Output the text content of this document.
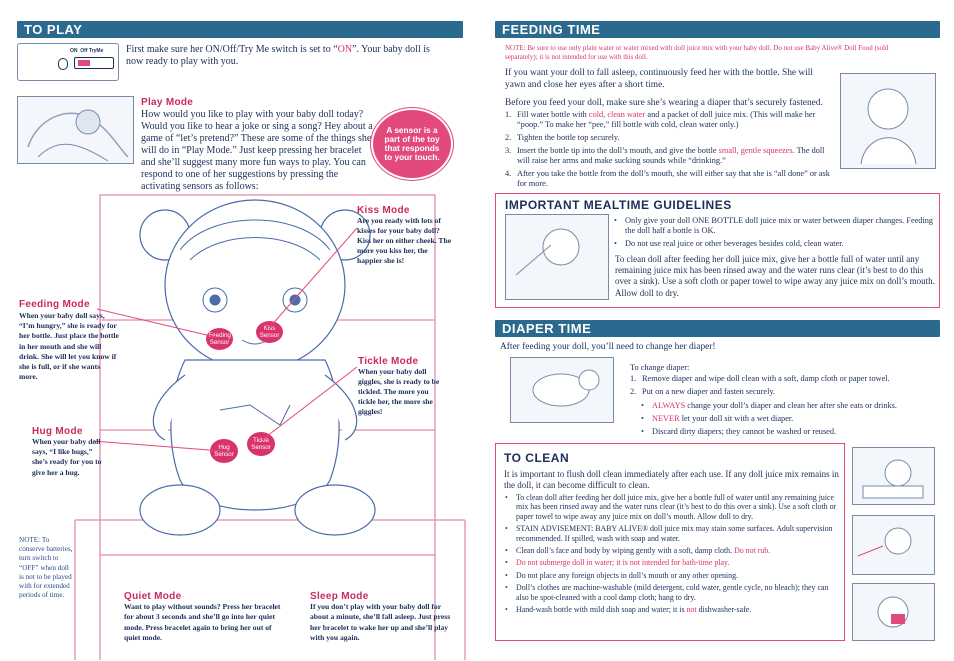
TO PLAY
ON Off TryMe First make sure her ON/Off/Try Me switch is set to “ON”. Your baby doll is now ready to play with you.
Play Mode
How would you like to play with your baby doll today? Would you like to hear a joke or sing a song? Hey about a game of “let’s pretend?” These are some of the things she will do in “Play Mode.” Just keep pressing her bracelet and she’ll suggest many more fun ways to play. You can respond to one of her suggestions by pressing the activating sensors as follows:
A sensor is a part of the toy that responds to your touch.
Feeding Sensor
Kiss Sensor
Hug Sensor
Tickle Sensor
Kiss Mode
Are you ready with lots of kisses for your baby doll? Kiss her on either cheek. The more you kiss her, the happier she is!
Feeding Mode
When your baby doll says, “I’m hungry,” she is ready for her bottle. Just place the bottle in her mouth and she will drink. She will let you know if she is full, or if she wants more.
Tickle Mode
When your baby doll giggles, she is ready to be tickled. The more you tickle her, the more she giggles!
Hug Mode
When your baby doll says, “I like hugs,” she’s ready for you to give her a hug.
NOTE: To conserve batteries, turn switch to “OFF” when doll is not to be played with for extended periods of time.	Quiet Mode
Want to play without sounds? Press her bracelet for about 3 seconds and she’ll go into her quiet mode. Press bracelet again to bring her out of quiet mode.
Sleep Mode
If you don’t play with your baby doll for about a minute, she’ll fall asleep. Just press her bracelet to wake her up and she’ll play with you again.
FEEDING TIME
NOTE: Be sure to use only plain water or water mixed with doll juice mix with your baby doll. Do not use Baby Alive® Doll Food (sold separately); it is not intended for use with this doll.
If you want your doll to fall asleep, continuously feed her with the bottle. She will yawn and close her eyes after a short time.
Before you feed your doll, make sure she’s wearing a diaper that’s securely fastened.
1. Fill water bottle with cold, clean water and a packet of doll juice mix. (This will make her “poop.” To make her “pee,” fill bottle with cold, clean water only.)
2. Tighten the bottle top securely.
3. Insert the bottle tip into the doll’s mouth, and give the bottle small, gentle squeezes. The doll will raise her arms and make sucking sounds while “drinking.”
4. After you take the bottle from the doll’s mouth, she will either say that she is “all done” or ask for more.
IMPORTANT MEALTIME GUIDELINES
• Only give your doll ONE BOTTLE doll juice mix or water between diaper changes. Feeding the doll half a bottle is OK.
• Do not use real juice or other beverages besides cold, clean water.
To clean doll after feeding her doll juice mix, give her a bottle full of water until any remaining juice mix has been rinsed away and the water runs clear (it’s best to do this over a sink). Use a soft cloth or paper towel to wipe away any juice mix on doll’s mouth. Allow doll to dry.
DIAPER TIME
After feeding your doll, you’ll need to change her diaper!
To change diaper:
1. Remove diaper and wipe doll clean with a soft, damp cloth or paper towel.
2. Put on a new diaper and fasten securely.
• ALWAYS change your doll’s diaper and clean her after she eats or drinks.
• NEVER let your doll sit with a wet diaper.
• Discard dirty diapers; they cannot be washed or reused.
TO CLEAN
It is important to flush doll clean immediately after each use. If any doll juice mix remains in the doll, it can become difficult to clean.
• To clean doll after feeding her doll juice mix, give her a bottle full of water until any remaining juice mix has been rinsed away and the water runs clear (it’s best to do this over a sink). Use a soft cloth or paper towel to wipe away any juice mix on doll’s mouth. Allow doll to dry.
• STAIN ADVISEMENT: BABY ALIVE® doll juice mix may stain some surfaces. Adult supervision recommended. If spilled, wash with soap and water.
• Clean doll’s face and body by wiping gently with a soft, damp cloth. Do not rub.
• Do not submerge doll in water; it is not intended for bath-time play.
• Do not place any foreign objects in doll’s mouth or any other opening.
• Doll’s clothes are machine-washable (mild detergent, cold water, gentle cycle, no bleach); they can also be spot-cleaned with a cool damp cloth; hang to dry.
• Hand-wash bottle with mild dish soap and water; it is not dishwasher-safe.
